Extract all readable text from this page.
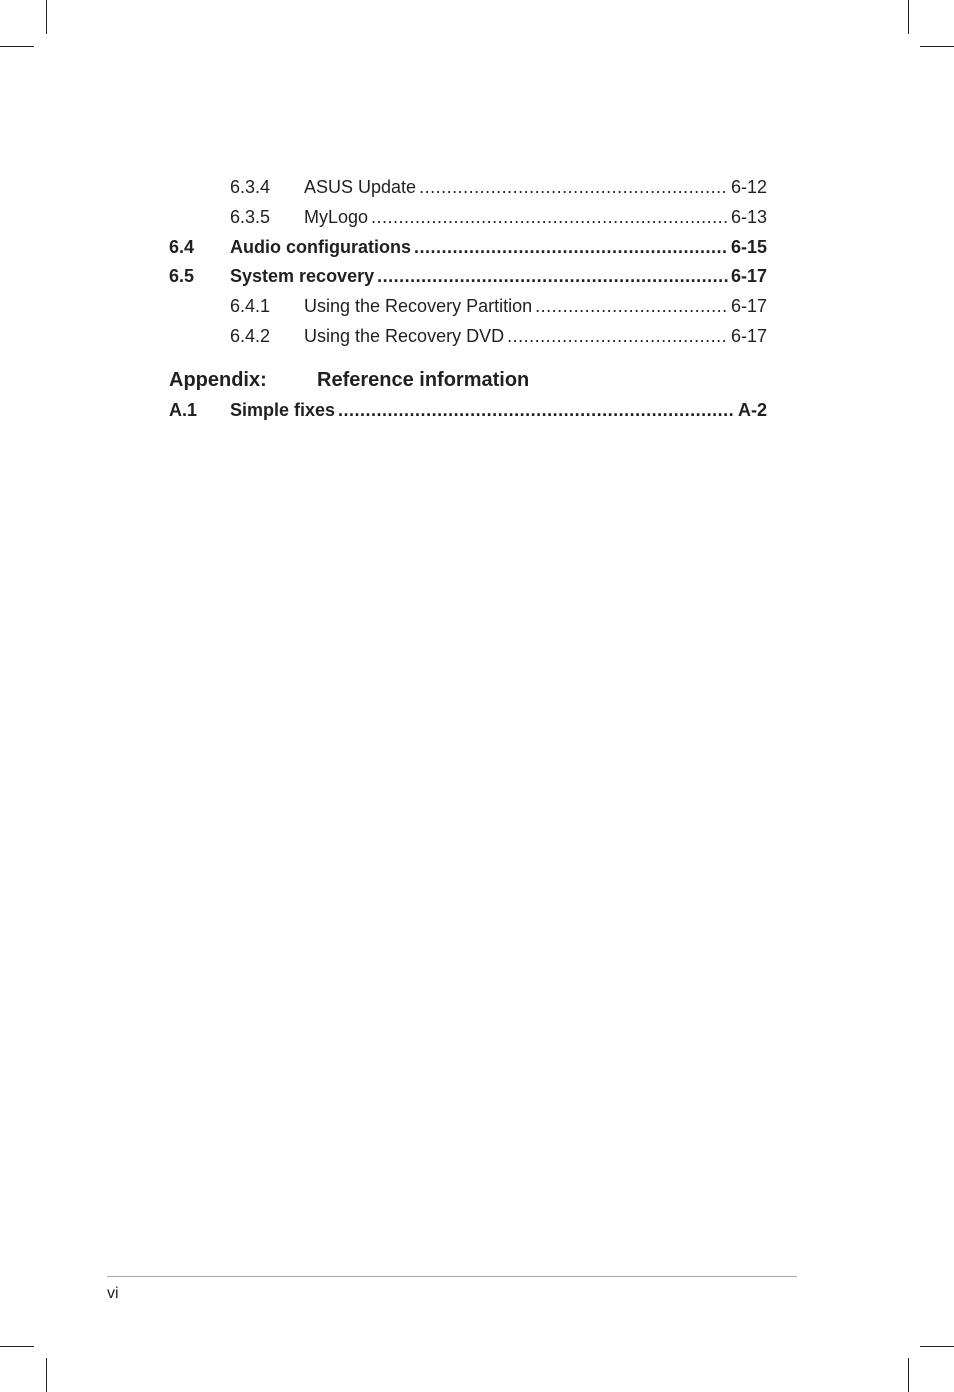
6.3.4	ASUS Update .....	6-12
6.3.5	MyLogo .....	6-13
6.4	Audio configurations .....	6-15
6.5	System recovery .....	6-17
6.4.1	Using the Recovery Partition .....	6-17
6.4.2	Using the Recovery DVD .....	6-17
Appendix:	Reference information
A.1	Simple fixes .....	A-2
vi
